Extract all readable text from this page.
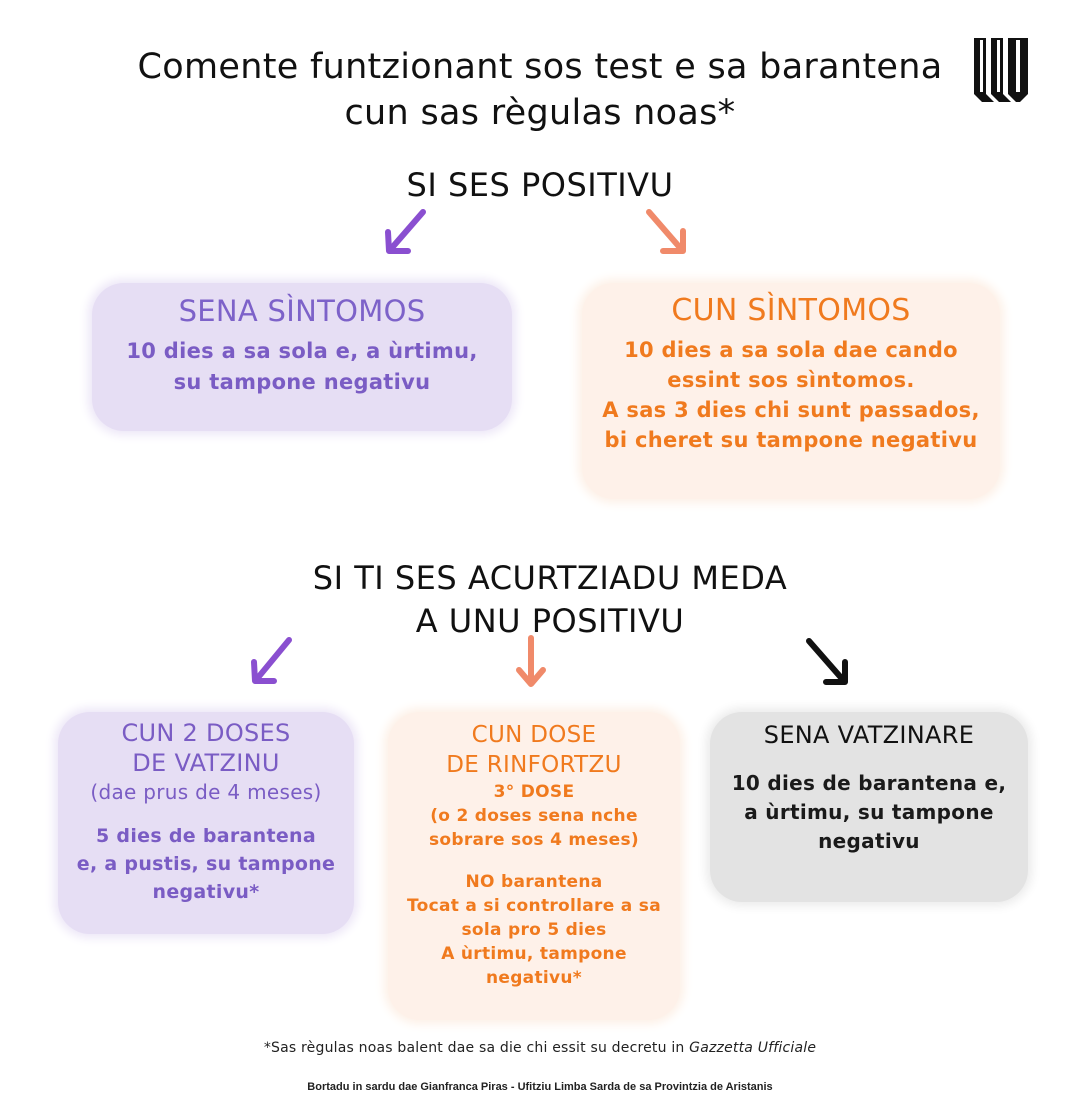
Comente funtzionant sos test e sa barantena
cun sas règulas noas*
SI SES POSITIVU
SENA SÌNTOMOS
10 dies a sa sola e, a ùrtimu,
su tampone negativu
CUN SÌNTOMOS
10 dies a sa sola dae cando
essint sos sìntomos.
A sas 3 dies chi sunt passados,
bi cheret su tampone negativu
SI TI SES ACURTZIADU MEDA
A UNU POSITIVU
CUN 2 DOSES
DE VATZINU
(dae prus de 4 meses)
5 dies de barantena
e, a pustis, su tampone
negativu*
CUN DOSE
DE RINFORTZU
3° DOSE
(o 2 doses sena nche
sobrare sos 4 meses)
NO barantena
Tocat a si controllare a sa
sola pro 5 dies
A ùrtimu, tampone
negativu*
SENA VATZINARE
10 dies de barantena e,
a ùrtimu, su tampone
negativu
*Sas règulas noas balent dae sa die chi essit su decretu in Gazzetta Ufficiale
Bortadu in sardu dae Gianfranca Piras - Ufitziu Limba Sarda de sa Provintzia de Aristanis
